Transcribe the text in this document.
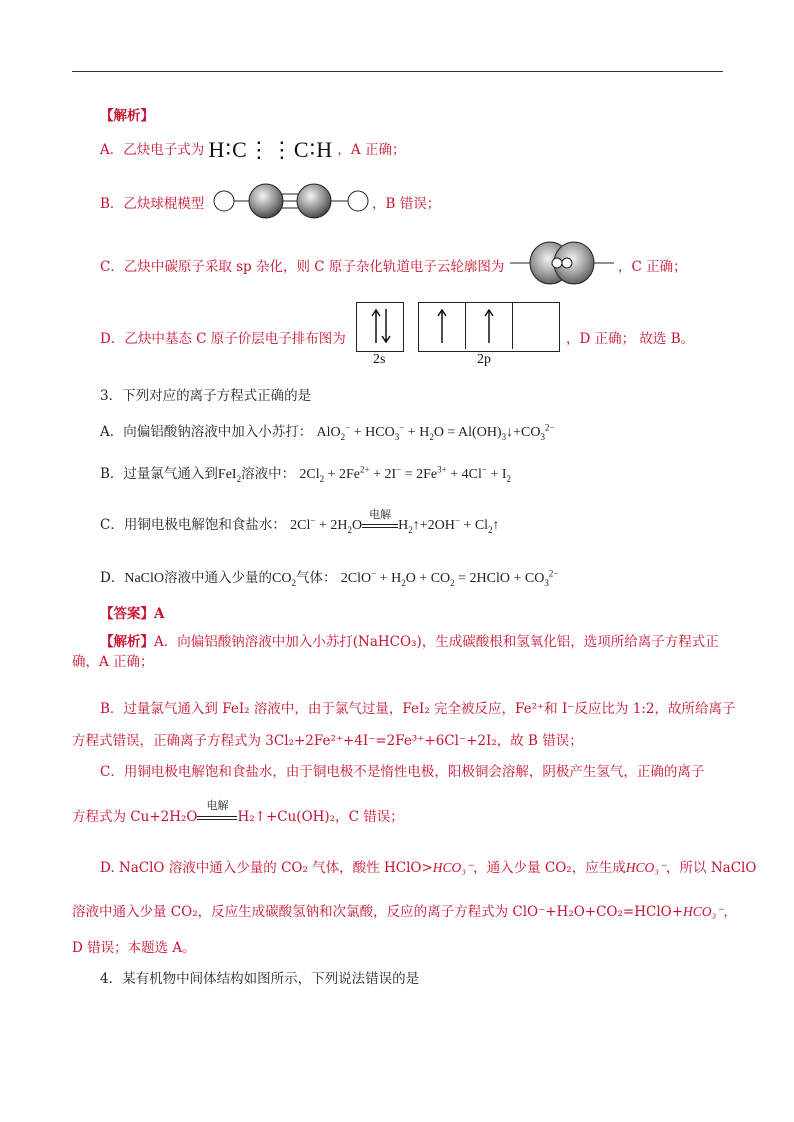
【解析】
A．乙炔电子式为 H∶C⋮⋮C∶H ，A 正确；
B．乙炔球棍模型	，B 错误；
C．乙炔中碳原子采取 sp 杂化，则 C 原子杂化轨道电子云轮廓图为	，C 正确；
D．乙炔中基态 C 原子价层电子排布图为
2s	2p
，D 正确； 故选 B。
3．下列对应的离子方程式正确的是
A．向偏铝酸钠溶液中加入小苏打： $AlO_2^- + HCO_3^- + H_2O$ = $Al(OH)_3↓+CO_3^{2-}$
B．过量氯气通入到FeI$_2$溶液中： $2Cl_2 + 2Fe^{2+} + 2I^- = 2Fe^{3+} + 4Cl^- + I_2$
C．用铜电极电解饱和食盐水： $2Cl^- + 2H_2O$
电解
$H_2↑+2OH^-$ + $Cl_2↑$
D．NaClO溶液中通入少量的$CO_2$气体： $2ClO^- + H_2O + CO_2$ = 2HClO + $CO_3^{2-}$
【答案】A
【解析】A．向偏铝酸钠溶液中加入小苏打(NaHCO₃)，生成碳酸根和氢氧化铝，选项所给离子方程式正确，A 正确；
B．过量氯气通入到 FeI₂ 溶液中，由于氯气过量，FeI₂ 完全被反应，Fe²⁺和 I⁻反应比为 1:2，故所给离子
方程式错误，正确离子方程式为 3Cl₂+2Fe²⁺+4I⁻=2Fe³⁺+6Cl⁻+2I₂，故 B 错误；
C．用铜电极电解饱和食盐水，由于铜电极不是惰性电极，阳极铜会溶解，阴极产生氢气，正确的离子
方程式为 Cu+2H₂O
电解
H₂↑+Cu(OH)₂，C 错误；
D. NaClO 溶液中通入少量的 CO₂ 气体，酸性 HClO>HCO₃⁻，通入少量 CO₂，应生成HCO₃⁻，所以 NaClO
溶液中通入少量 CO₂，反应生成碳酸氢钠和次氯酸，反应的离子方程式为 ClO⁻+H₂O+CO₂=HClO+HCO₃⁻，
D 错误；本题选 A。
4．某有机物中间体结构如图所示，下列说法错误的是
